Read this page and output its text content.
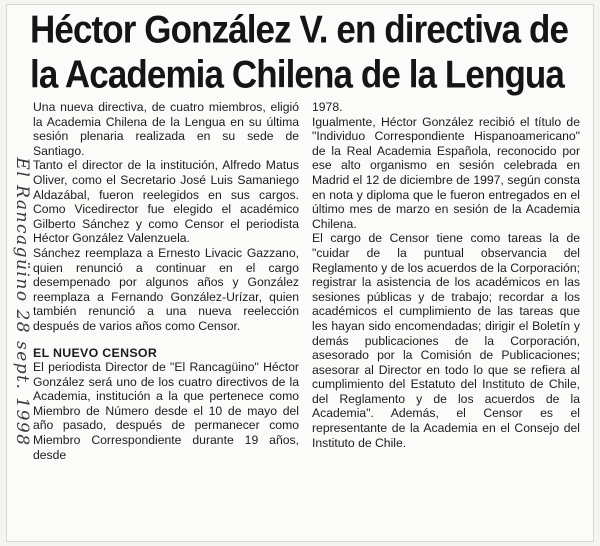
Héctor González V. en directiva de
la Academia Chilena de la Lengua
El Rancagüino 28 sept. 1998

Una nueva directiva, de cuatro miembros, eligió la Academia Chilena de la Lengua en su última sesión plenaria realizada en su sede de Santiago.

Tanto el director de la institución, Alfredo Matus Oliver, como el Secretario José Luis Samaniego Aldazábal, fueron reelegidos en sus cargos. Como Vicedirector fue elegido el académico Gilberto Sánchez y como Censor el periodista Héctor González Valenzuela.

Sánchez reemplaza a Ernesto Livacic Gazzano, quien renunció a continuar en el cargo desempenado por algunos años y González reemplaza a Fernando González-Urízar, quien también renunció a una nueva reelección después de varios años como Censor.

EL NUEVO CENSOR

El periodista Director de "El Rancagüino" Héctor González será uno de los cuatro directivos de la Academia, institución a la que pertenece como Miembro de Número desde el 10 de mayo del año pasado, después de permanecer como Miembro Correspondiente durante 19 años, desde

1978.

Igualmente, Héctor González recibió el título de "Individuo Correspondiente Hispanoamericano" de la Real Academia Española, reconocido por ese alto organismo en sesión celebrada en Madrid el 12 de diciembre de 1997, según consta en nota y diploma que le fueron entregados en el último mes de marzo en sesión de la Academia Chilena.

El cargo de Censor tiene como tareas la de "cuidar de la puntual observancia del Reglamento y de los acuerdos de la Corporación; registrar la asistencia de los académicos en las sesiones públicas y de trabajo; recordar a los académicos el cumplimiento de las tareas que les hayan sido encomendadas; dirigir el Boletín y demás publicaciones de la Corporación, asesorado por la Comisión de Publicaciones; asesorar al Director en todo lo que se refiera al cumplimiento del Estatuto del Instituto de Chile, del Reglamento y de los acuerdos de la Academia". Además, el Censor es el representante de la Academia en el Consejo del Instituto de Chile.
